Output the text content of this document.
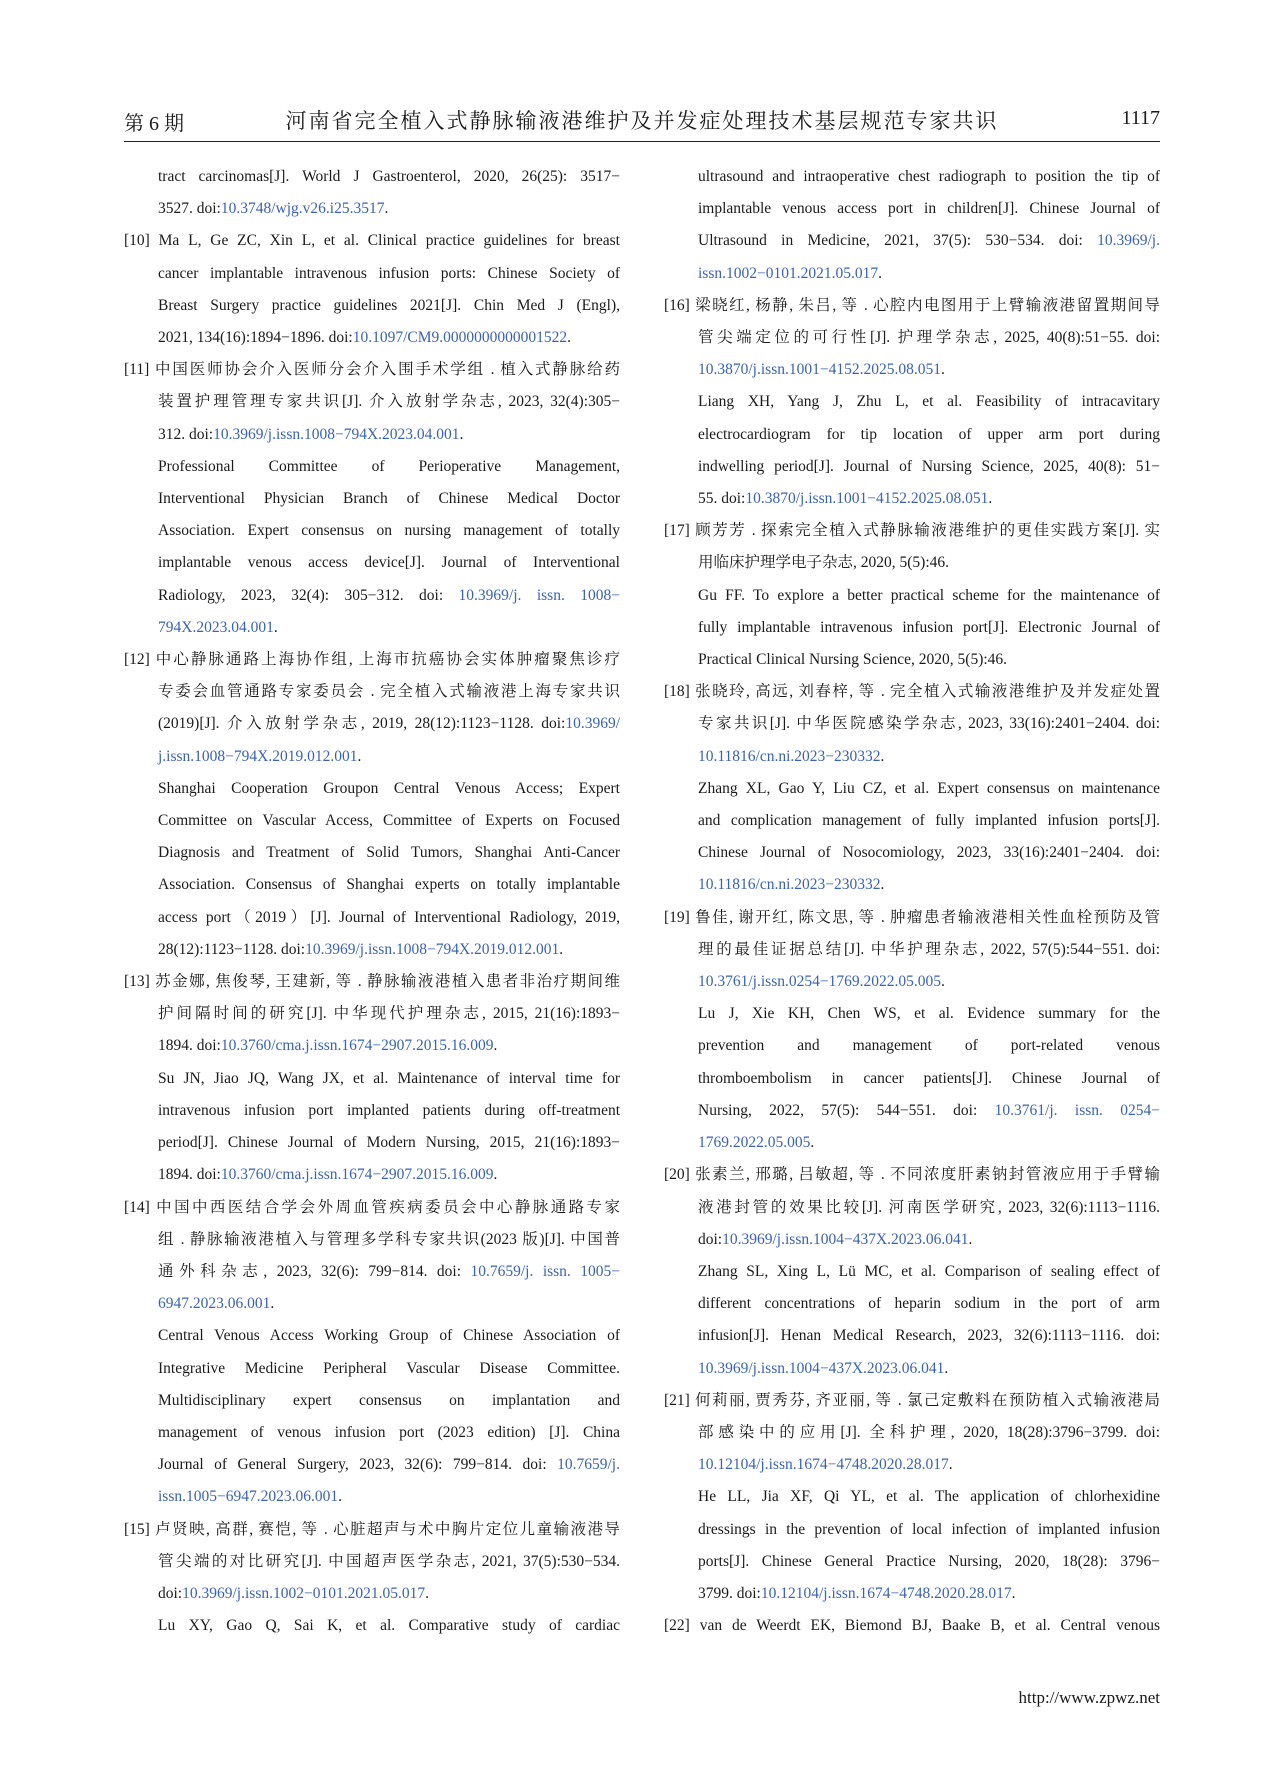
第 6 期	河南省完全植入式静脉输液港维护及并发症处理技术基层规范专家共识	1117
tract carcinomas[J]. World J Gastroenterol, 2020, 26(25): 3517−
3527. doi:10.3748/wjg.v26.i25.3517.
[10] Ma L, Ge ZC, Xin L, et al. Clinical practice guidelines for breast
cancer implantable intravenous infusion ports: Chinese Society of
Breast Surgery practice guidelines 2021[J]. Chin Med J (Engl),
2021, 134(16):1894−1896. doi:10.1097/CM9.0000000000001522.
[11] 中国医师协会介入医师分会介入围手术学组 . 植入式静脉给药
装置护理管理专家共识[J]. 介入放射学杂志, 2023, 32(4):305−
312. doi:10.3969/j.issn.1008−794X.2023.04.001.
Professional Committee of Perioperative Management,
Interventional Physician Branch of Chinese Medical Doctor
Association. Expert consensus on nursing management of totally
implantable venous access device[J]. Journal of Interventional
Radiology, 2023, 32(4): 305−312. doi: 10.3969/j. issn. 1008−
794X.2023.04.001.
[12] 中心静脉通路上海协作组, 上海市抗癌协会实体肿瘤聚焦诊疗
专委会血管通路专家委员会 . 完全植入式输液港上海专家共识
(2019)[J]. 介入放射学杂志, 2019, 28(12):1123−1128. doi:10.3969/
j.issn.1008−794X.2019.012.001.
Shanghai Cooperation Groupon Central Venous Access; Expert
Committee on Vascular Access, Committee of Experts on Focused
Diagnosis and Treatment of Solid Tumors, Shanghai Anti-Cancer
Association. Consensus of Shanghai experts on totally implantable
access port（2019）[J]. Journal of Interventional Radiology, 2019,
28(12):1123−1128. doi:10.3969/j.issn.1008−794X.2019.012.001.
[13] 苏金娜, 焦俊琴, 王建新, 等 . 静脉输液港植入患者非治疗期间维
护间隔时间的研究[J]. 中华现代护理杂志, 2015, 21(16):1893−
1894. doi:10.3760/cma.j.issn.1674−2907.2015.16.009.
Su JN, Jiao JQ, Wang JX, et al. Maintenance of interval time for
intravenous infusion port implanted patients during off-treatment
period[J]. Chinese Journal of Modern Nursing, 2015, 21(16):1893−
1894. doi:10.3760/cma.j.issn.1674−2907.2015.16.009.
[14] 中国中西医结合学会外周血管疾病委员会中心静脉通路专家
组 . 静脉输液港植入与管理多学科专家共识(2023 版)[J]. 中国普
通外科杂志, 2023, 32(6): 799−814. doi: 10.7659/j. issn. 1005−
6947.2023.06.001.
Central Venous Access Working Group of Chinese Association of
Integrative Medicine Peripheral Vascular Disease Committee.
Multidisciplinary expert consensus on implantation and
management of venous infusion port (2023 edition) [J]. China
Journal of General Surgery, 2023, 32(6): 799−814. doi: 10.7659/j.
issn.1005−6947.2023.06.001.
[15] 卢贤映, 高群, 赛恺, 等 . 心脏超声与术中胸片定位儿童输液港导
管尖端的对比研究[J]. 中国超声医学杂志, 2021, 37(5):530−534.
doi:10.3969/j.issn.1002−0101.2021.05.017.
Lu XY, Gao Q, Sai K, et al. Comparative study of cardiac
ultrasound and intraoperative chest radiograph to position the tip of
implantable venous access port in children[J]. Chinese Journal of
Ultrasound in Medicine, 2021, 37(5): 530−534. doi: 10.3969/j.
issn.1002−0101.2021.05.017.
[16] 梁晓红, 杨静, 朱吕, 等 . 心腔内电图用于上臂输液港留置期间导
管尖端定位的可行性[J]. 护理学杂志, 2025, 40(8):51−55. doi:
10.3870/j.issn.1001−4152.2025.08.051.
Liang XH, Yang J, Zhu L, et al. Feasibility of intracavitary
electrocardiogram for tip location of upper arm port during
indwelling period[J]. Journal of Nursing Science, 2025, 40(8): 51−
55. doi:10.3870/j.issn.1001−4152.2025.08.051.
[17] 顾芳芳 . 探索完全植入式静脉输液港维护的更佳实践方案[J]. 实
用临床护理学电子杂志, 2020, 5(5):46.
Gu FF. To explore a better practical scheme for the maintenance of
fully implantable intravenous infusion port[J]. Electronic Journal of
Practical Clinical Nursing Science, 2020, 5(5):46.
[18] 张晓玲, 高远, 刘春梓, 等 . 完全植入式输液港维护及并发症处置
专家共识[J]. 中华医院感染学杂志, 2023, 33(16):2401−2404. doi:
10.11816/cn.ni.2023−230332.
Zhang XL, Gao Y, Liu CZ, et al. Expert consensus on maintenance
and complication management of fully implanted infusion ports[J].
Chinese Journal of Nosocomiology, 2023, 33(16):2401−2404. doi:
10.11816/cn.ni.2023−230332.
[19] 鲁佳, 谢开红, 陈文思, 等 . 肿瘤患者输液港相关性血栓预防及管
理的最佳证据总结[J]. 中华护理杂志, 2022, 57(5):544−551. doi:
10.3761/j.issn.0254−1769.2022.05.005.
Lu J, Xie KH, Chen WS, et al. Evidence summary for the
prevention and management of port-related venous
thromboembolism in cancer patients[J]. Chinese Journal of
Nursing, 2022, 57(5): 544−551. doi: 10.3761/j. issn. 0254−
1769.2022.05.005.
[20] 张素兰, 邢璐, 吕敏超, 等 . 不同浓度肝素钠封管液应用于手臂输
液港封管的效果比较[J]. 河南医学研究, 2023, 32(6):1113−1116.
doi:10.3969/j.issn.1004−437X.2023.06.041.
Zhang SL, Xing L, Lü MC, et al. Comparison of sealing effect of
different concentrations of heparin sodium in the port of arm
infusion[J]. Henan Medical Research, 2023, 32(6):1113−1116. doi:
10.3969/j.issn.1004−437X.2023.06.041.
[21] 何莉丽, 贾秀芬, 齐亚丽, 等 . 氯己定敷料在预防植入式输液港局
部感染中的应用[J]. 全科护理, 2020, 18(28):3796−3799. doi:
10.12104/j.issn.1674−4748.2020.28.017.
He LL, Jia XF, Qi YL, et al. The application of chlorhexidine
dressings in the prevention of local infection of implanted infusion
ports[J]. Chinese General Practice Nursing, 2020, 18(28): 3796−
3799. doi:10.12104/j.issn.1674−4748.2020.28.017.
[22] van de Weerdt EK, Biemond BJ, Baake B, et al. Central venous
http://www.zpwz.net
